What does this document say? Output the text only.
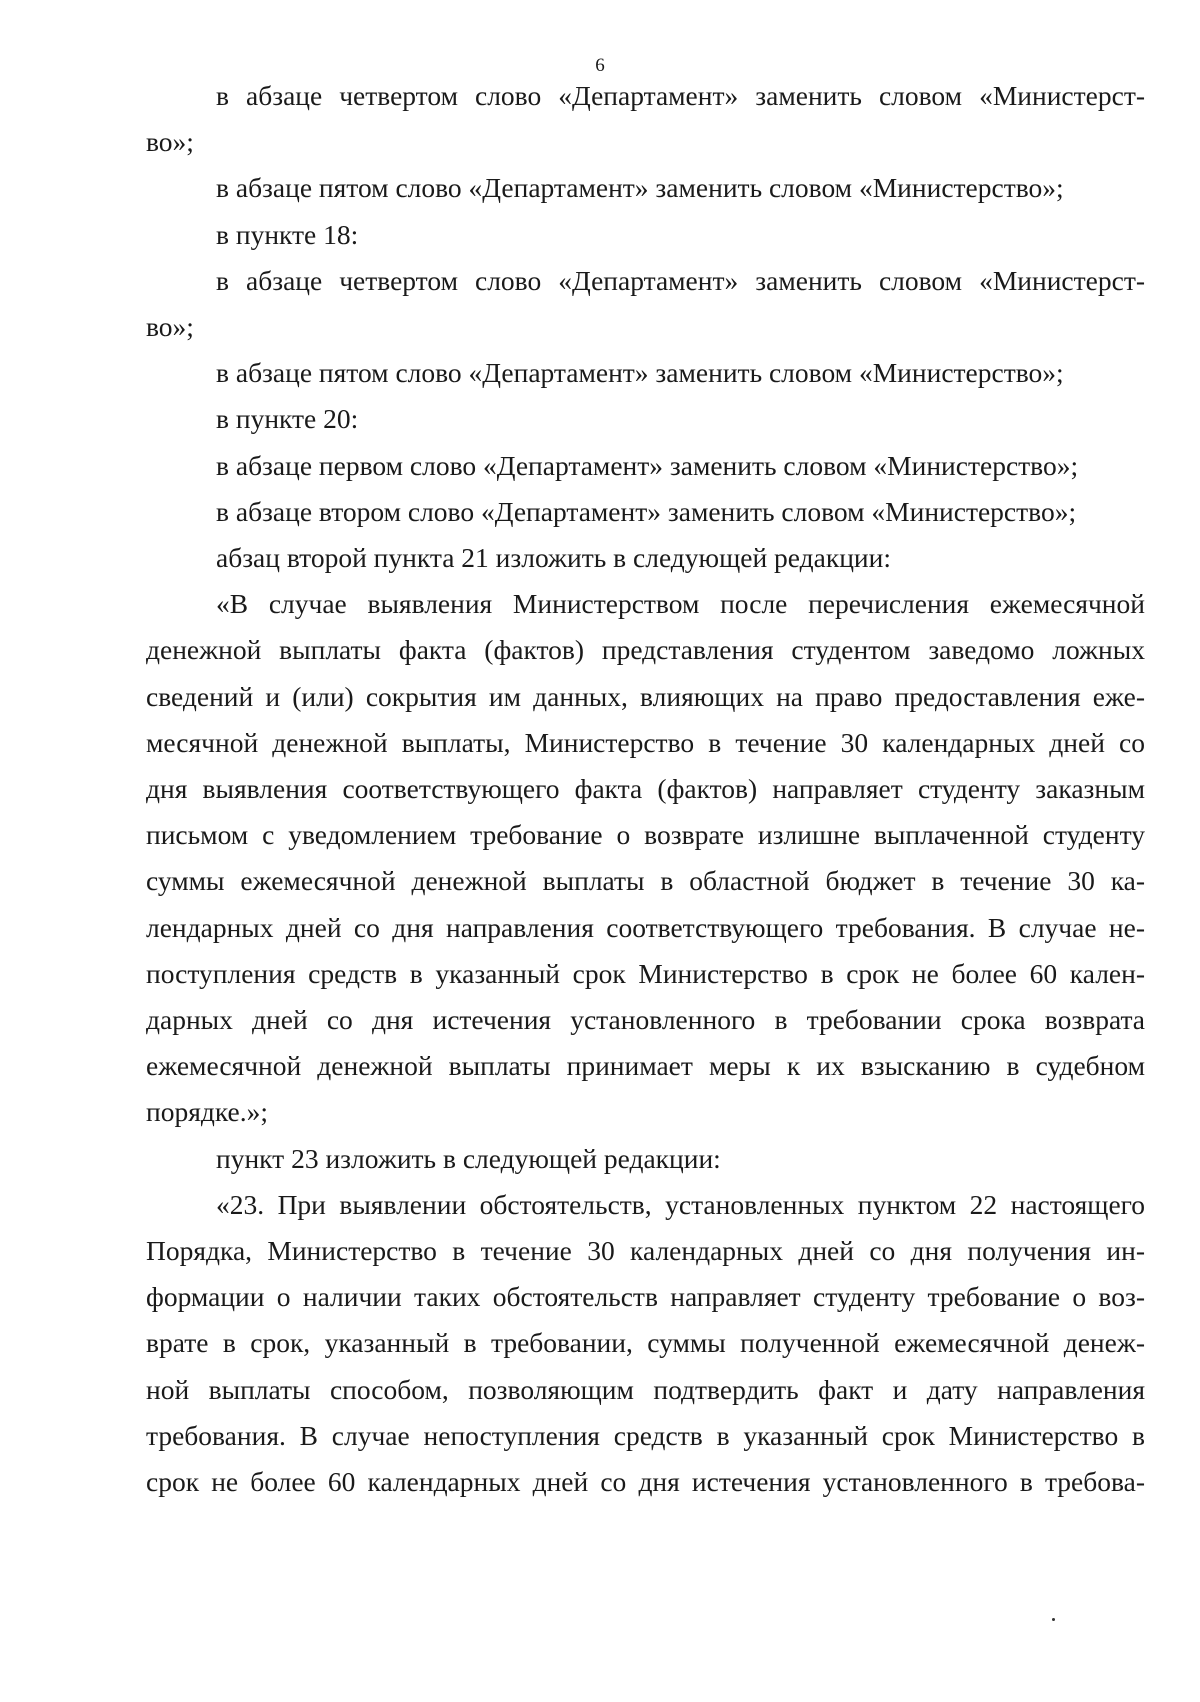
6
в абзаце четвертом слово «Департамент» заменить словом «Министерст-
во»;
в абзаце пятом слово «Департамент» заменить словом «Министерство»;
в пункте 18:
в абзаце четвертом слово «Департамент» заменить словом «Министерст-
во»;
в абзаце пятом слово «Департамент» заменить словом «Министерство»;
в пункте 20:
в абзаце первом слово «Департамент» заменить словом «Министерство»;
в абзаце втором слово «Департамент» заменить словом «Министерство»;
абзац второй пункта 21 изложить в следующей редакции:
«В случае выявления Министерством после перечисления ежемесячной
денежной выплаты факта (фактов) представления студентом заведомо ложных
сведений и (или) сокрытия им данных, влияющих на право предоставления еже-
месячной денежной выплаты, Министерство в течение 30 календарных дней со
дня выявления соответствующего факта (фактов) направляет студенту заказным
письмом с уведомлением требование о возврате излишне выплаченной студенту
суммы ежемесячной денежной выплаты в областной бюджет в течение 30 ка-
лендарных дней со дня направления соответствующего требования. В случае не-
поступления средств в указанный срок Министерство в срок не более 60 кален-
дарных дней со дня истечения установленного в требовании срока возврата
ежемесячной денежной выплаты принимает меры к их взысканию в судебном
порядке.»;
пункт 23 изложить в следующей редакции:
«23. При выявлении обстоятельств, установленных пунктом 22 настоящего
Порядка, Министерство в течение 30 календарных дней со дня получения ин-
формации о наличии таких обстоятельств направляет студенту требование о воз-
врате в срок, указанный в требовании, суммы полученной ежемесячной денеж-
ной выплаты способом, позволяющим подтвердить факт и дату направления
требования. В случае непоступления средств в указанный срок Министерство в
срок не более 60 календарных дней со дня истечения установленного в требова-
